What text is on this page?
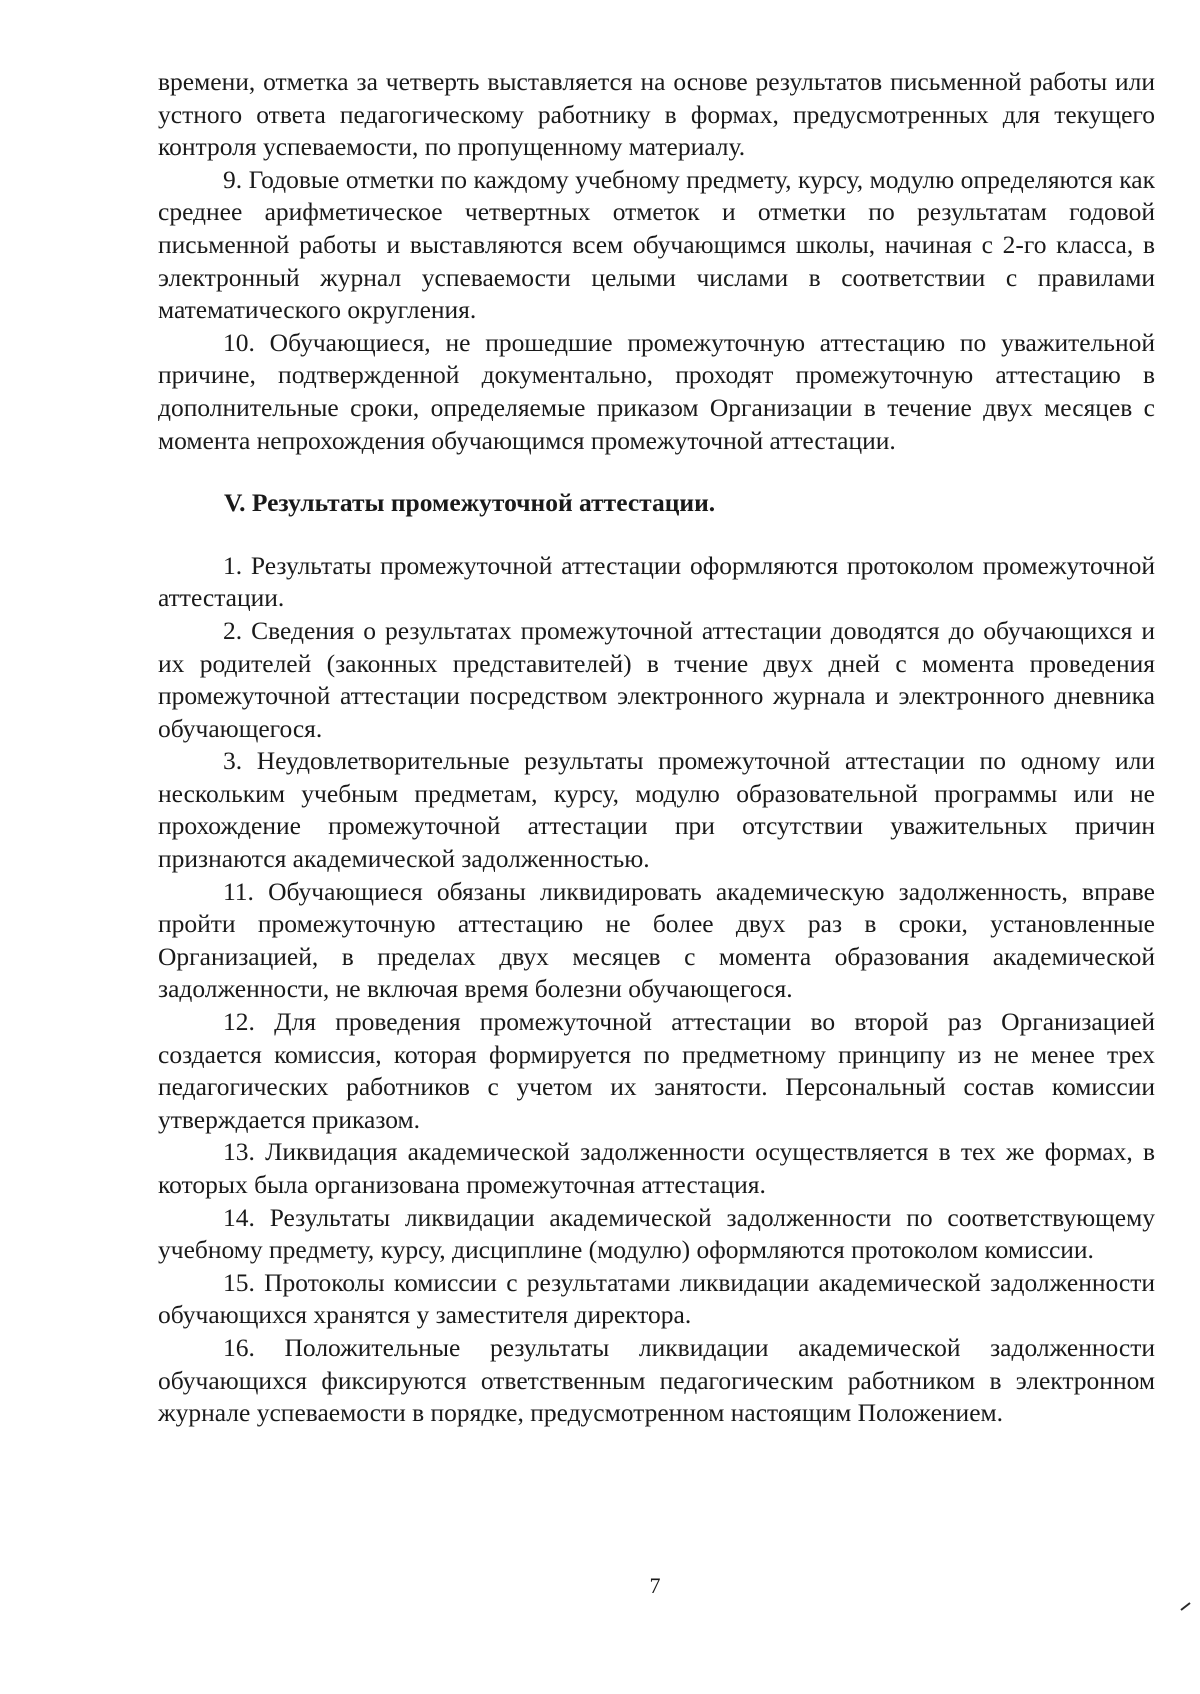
времени, отметка за четверть выставляется на основе результатов письменной работы или устного ответа педагогическому работнику в формах, предусмотренных для текущего контроля успеваемости, по пропущенному материалу.

9. Годовые отметки по каждому учебному предмету, курсу, модулю определяются как среднее арифметическое четвертных отметок и отметки по результатам годовой письменной работы и выставляются всем обучающимся школы, начиная с 2-го класса, в электронный журнал успеваемости целыми числами в соответствии с правилами математического округления.

10. Обучающиеся, не прошедшие промежуточную аттестацию по уважительной причине, подтвержденной документально, проходят промежуточную аттестацию в дополнительные сроки, определяемые приказом Организации в течение двух месяцев с момента непрохождения обучающимся промежуточной аттестации.

V. Результаты промежуточной аттестации.

1. Результаты промежуточной аттестации оформляются протоколом промежуточной аттестации.

2. Сведения о результатах промежуточной аттестации доводятся до обучающихся и их родителей (законных представителей) в тчение двух дней с момента проведения промежуточной аттестации посредством электронного журнала и электронного дневника обучающегося.

3. Неудовлетворительные результаты промежуточной аттестации по одному или нескольким учебным предметам, курсу, модулю образовательной программы или не прохождение промежуточной аттестации при отсутствии уважительных причин признаются академической задолженностью.

11. Обучающиеся обязаны ликвидировать академическую задолженность, вправе пройти промежуточную аттестацию не более двух раз в сроки, установленные Организацией, в пределах двух месяцев с момента образования академической задолженности, не включая время болезни обучающегося.

12. Для проведения промежуточной аттестации во второй раз Организацией создается комиссия, которая формируется по предметному принципу из не менее трех педагогических работников с учетом их занятости. Персональный состав комиссии утверждается приказом.

13. Ликвидация академической задолженности осуществляется в тех же формах, в которых была организована промежуточная аттестация.

14. Результаты ликвидации академической задолженности по соответствующему учебному предмету, курсу, дисциплине (модулю) оформляются протоколом комиссии.

15. Протоколы комиссии с результатами ликвидации академической задолженности обучающихся хранятся у заместителя директора.

16. Положительные результаты ликвидации академической задолженности обучающихся фиксируются ответственным педагогическим работником в электронном журнале успеваемости в порядке, предусмотренном настоящим Положением.

7
